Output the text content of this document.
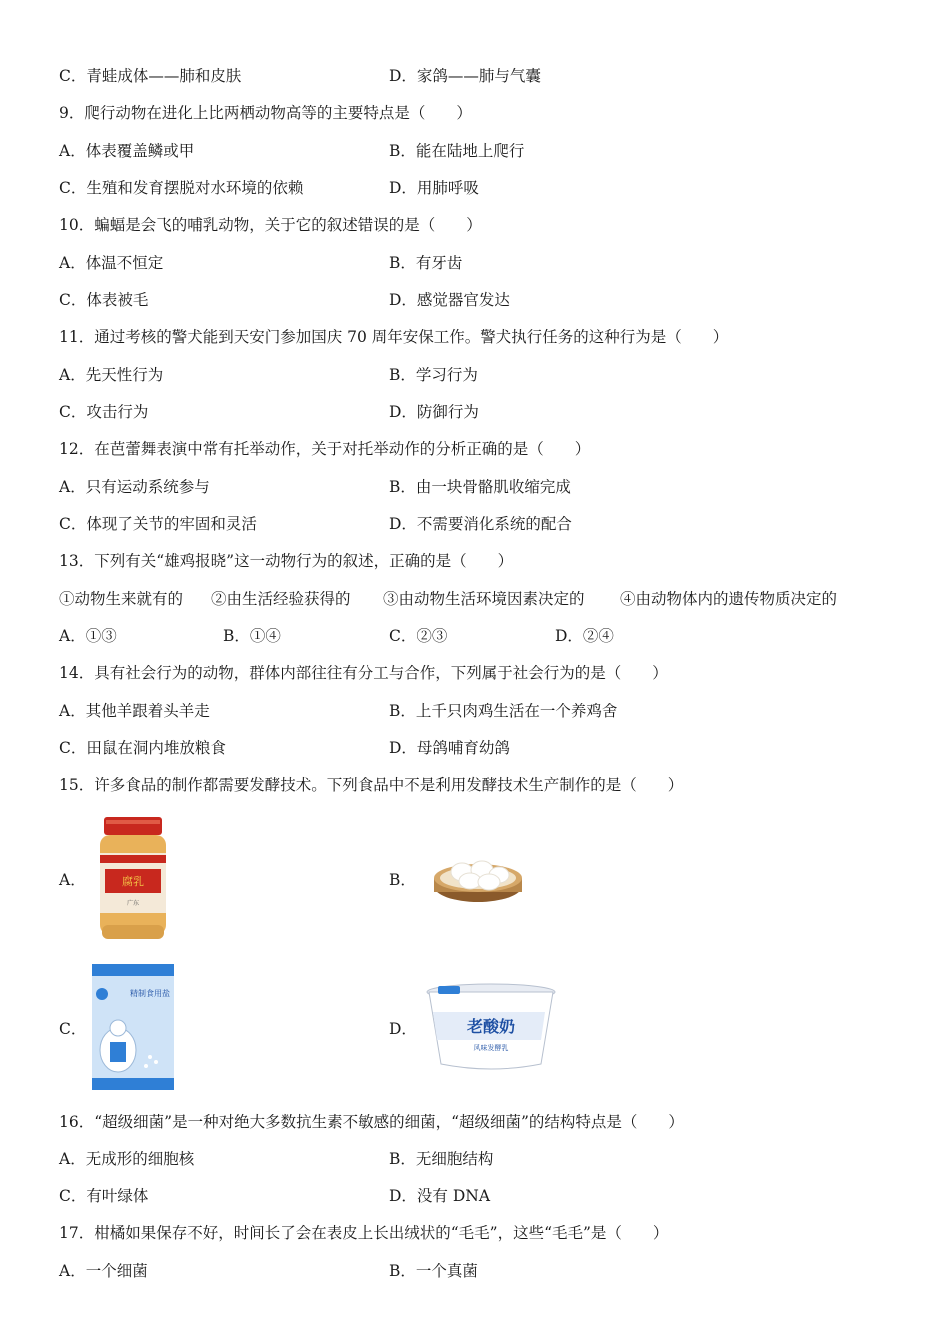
C．青蛙成体——肺和皮肤	D．家鸽——肺与气囊
9．爬行动物在进化上比两栖动物高等的主要特点是（　　）
A．体表覆盖鳞或甲	B．能在陆地上爬行
C．生殖和发育摆脱对水环境的依赖	D．用肺呼吸
10．蝙蝠是会飞的哺乳动物，关于它的叙述错误的是（　　）
A．体温不恒定	B．有牙齿
C．体表被毛	D．感觉器官发达
11．通过考核的警犬能到天安门参加国庆 70 周年安保工作。警犬执行任务的这种行为是（　　）
A．先天性行为	B．学习行为
C．攻击行为	D．防御行为
12．在芭蕾舞表演中常有托举动作，关于对托举动作的分析正确的是（　　）
A．只有运动系统参与	B．由一块骨骼肌收缩完成
C．体现了关节的牢固和灵活	D．不需要消化系统的配合
13．下列有关“雄鸡报晓”这一动物行为的叙述，正确的是（　　）
①动物生来就有的 ②由生活经验获得的 ③由动物生活环境因素决定的 ④由动物体内的遗传物质决定的
A．①③	B．①④	C．②③	D．②④
14．具有社会行为的动物，群体内部往往有分工与合作，下列属于社会行为的是（　　）
A．其他羊跟着头羊走	B．上千只肉鸡生活在一个养鸡舍
C．田鼠在洞内堆放粮食	D．母鸽哺育幼鸽
15．许多食品的制作都需要发酵技术。下列食品中不是利用发酵技术生产制作的是（　　）
A．	腐乳
广东
B．
C．
精制食用盐
D．	老酸奶
风味发酵乳
16．“超级细菌”是一种对绝大多数抗生素不敏感的细菌，“超级细菌”的结构特点是（　　）
A．无成形的细胞核	B．无细胞结构
C．有叶绿体	D．没有 DNA
17．柑橘如果保存不好，时间长了会在表皮上长出绒状的“毛毛”，这些“毛毛”是（　　）
A．一个细菌	B．一个真菌
